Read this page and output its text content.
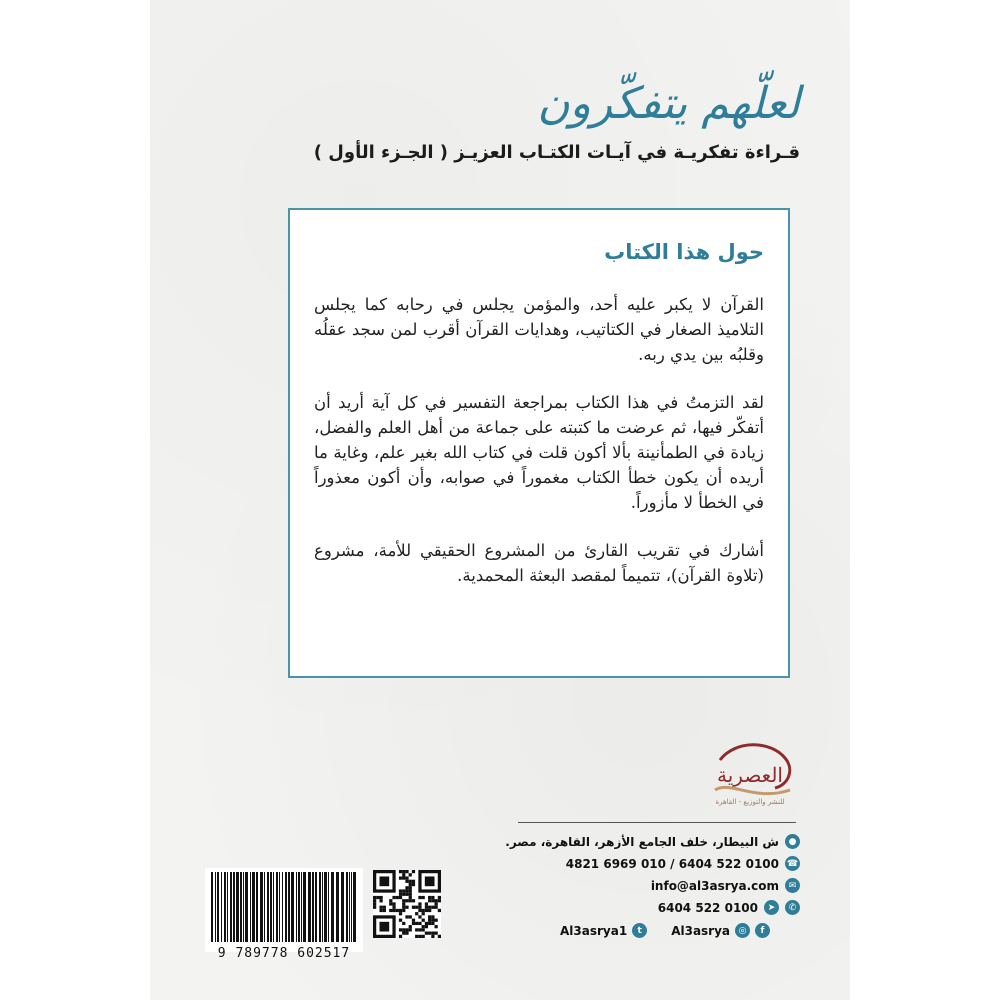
لعلّهم يتفكّرون
قـراءة تفكريـة في آيـات الكتـاب العزيـز ( الجـزء الأول )
حول هذا الكتاب

القرآن لا يكبر عليه أحد، والمؤمن يجلس في رحابه كما يجلس التلاميذ الصغار في الكتاتيب، وهدايات القرآن أقرب لمن سجد عقلُه وقلبُه بين يدي ربه.

لقد التزمتُ في هذا الكتاب بمراجعة التفسير في كل آية أريد أن أتفكّر فيها، ثم عرضت ما كتبته على جماعة من أهل العلم والفضل، زيادة في الطمأنينة بألا أكون قلت في كتاب الله بغير علم، وغاية ما أريده أن يكون خطأ الكتاب مغموراً في صوابه، وأن أكون معذوراً في الخطأ لا مأزوراً.

أشارك في تقريب القارئ من المشروع الحقيقي للأمة، مشروع (تلاوة القرآن)، تتميماً لمقصد البعثة المحمدية.

العصرية
للنشر والتوزيع - القاهرة
●
ش البيطار، خلف الجامع الأزهر، القاهرة، مصر.
☎
0100 522 6404 / 010 6969 4821
✉
info@al3asrya.com
✆
➤
0100 522 6404
Al3asrya1	t	Al3asrya ◎	f
9 789778 602517
